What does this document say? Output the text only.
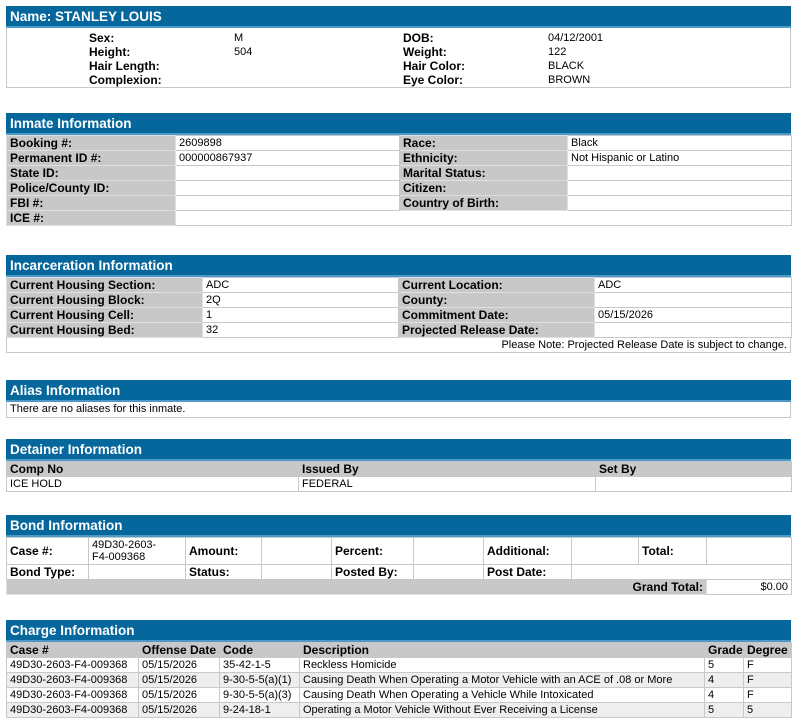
Name: STANLEY LOUIS
	Sex:	M	DOB:	04/12/2001
	Height:	504	Weight:	122
	Hair Length:		Hair Color:	BLACK
	Complexion:		Eye Color:	BROWN
Inmate Information
Booking #:	2609898	Race:	Black
Permanent ID #:	000000867937	Ethnicity:	Not Hispanic or Latino
State ID:		Marital Status:	
Police/County ID:		Citizen:	
FBI #:		Country of Birth:	
ICE #:			
Incarceration Information
Current Housing Section:	ADC	Current Location:	ADC
Current Housing Block:	2Q	County:	
Current Housing Cell:	1	Commitment Date:	05/15/2026
Current Housing Bed:	32	Projected Release Date:	
Please Note: Projected Release Date is subject to change.
Alias Information
There are no aliases for this inmate.
Detainer Information
Comp No	Issued By	Set By
ICE HOLD	FEDERAL	
Bond Information
Case #:	49D30-2603-
F4-009368	Amount:		Percent:		Additional:		Total:	
Bond Type:		Status:		Posted By:		Post Date:			
Grand Total:									$0.00
Charge Information
Case #	Offense Date	Code	Description	Grade	Degree
49D30-2603-F4-009368	05/15/2026	35-42-1-5	Reckless Homicide	5	F
49D30-2603-F4-009368	05/15/2026	9-30-5-5(a)(1)	Causing Death When Operating a Motor Vehicle with an ACE of .08 or More	4	F
49D30-2603-F4-009368	05/15/2026	9-30-5-5(a)(3)	Causing Death When Operating a Vehicle While Intoxicated	4	F
49D30-2603-F4-009368	05/15/2026	9-24-18-1	Operating a Motor Vehicle Without Ever Receiving a License	5	5
